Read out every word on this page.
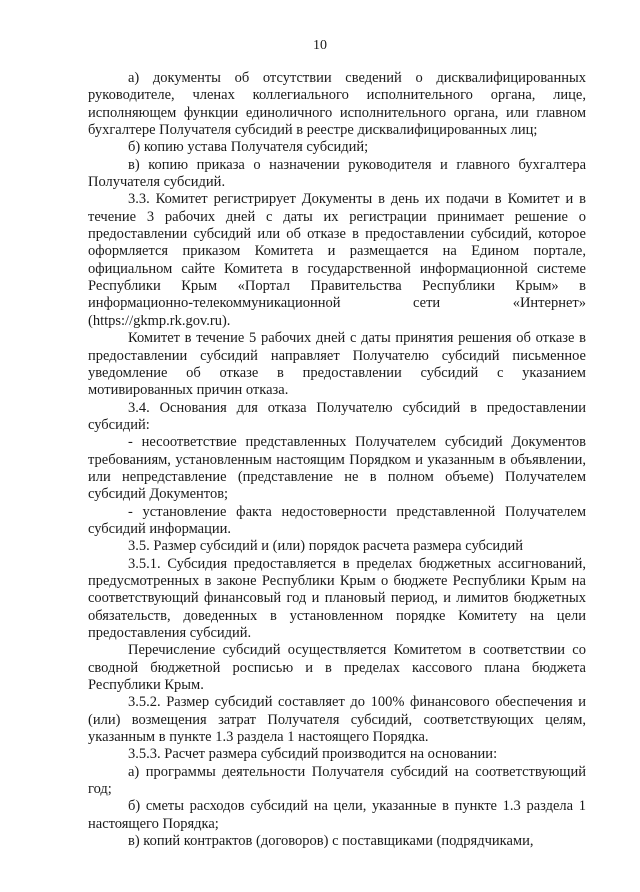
10

а) документы об отсутствии сведений о дисквалифицированных руководителе, членах коллегиального исполнительного органа, лице, исполняющем функции единоличного исполнительного органа, или главном бухгалтере Получателя субсидий в реестре дисквалифицированных лиц;

б) копию устава Получателя субсидий;

в) копию приказа о назначении руководителя и главного бухгалтера Получателя субсидий.

3.3. Комитет регистрирует Документы в день их подачи в Комитет и в течение 3 рабочих дней с даты их регистрации принимает решение о предоставлении субсидий или об отказе в предоставлении субсидий, которое оформляется приказом Комитета и размещается на Едином портале, официальном сайте Комитета в государственной информационной системе Республики Крым «Портал Правительства Республики Крым» в информационно-телекоммуникационной сети «Интернет» (https://gkmp.rk.gov.ru).

Комитет в течение 5 рабочих дней с даты принятия решения об отказе в предоставлении субсидий направляет Получателю субсидий письменное уведомление об отказе в предоставлении субсидий с указанием мотивированных причин отказа.

3.4. Основания для отказа Получателю субсидий в предоставлении субсидий:

- несоответствие представленных Получателем субсидий Документов требованиям, установленным настоящим Порядком и указанным в объявлении, или непредставление (представление не в полном объеме) Получателем субсидий Документов;

- установление факта недостоверности представленной Получателем субсидий информации.

3.5. Размер субсидий и (или) порядок расчета размера субсидий

3.5.1. Субсидия предоставляется в пределах бюджетных ассигнований, предусмотренных в законе Республики Крым о бюджете Республики Крым на соответствующий финансовый год и плановый период, и лимитов бюджетных обязательств, доведенных в установленном порядке Комитету на цели предоставления субсидий.

Перечисление субсидий осуществляется Комитетом в соответствии со сводной бюджетной росписью и в пределах кассового плана бюджета Республики Крым.

3.5.2. Размер субсидий составляет до 100% финансового обеспечения и (или) возмещения затрат Получателя субсидий, соответствующих целям, указанным в пункте 1.3 раздела 1 настоящего Порядка.

3.5.3. Расчет размера субсидий производится на основании:

а) программы деятельности Получателя субсидий на соответствующий год;

б) сметы расходов субсидий на цели, указанные в пункте 1.3 раздела 1 настоящего Порядка;

в) копий контрактов (договоров) с поставщиками (подрядчиками,
